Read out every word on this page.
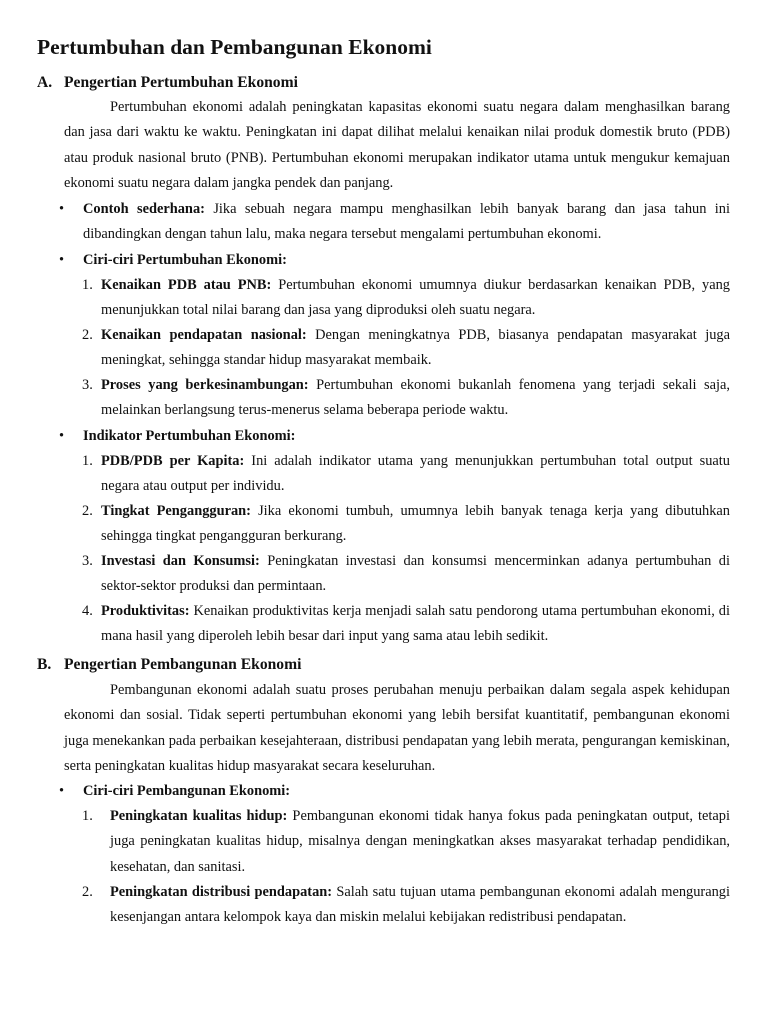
Pertumbuhan dan Pembangunan Ekonomi
A. Pengertian Pertumbuhan Ekonomi

Pertumbuhan ekonomi adalah peningkatan kapasitas ekonomi suatu negara dalam menghasilkan barang dan jasa dari waktu ke waktu. Peningkatan ini dapat dilihat melalui kenaikan nilai produk domestik bruto (PDB) atau produk nasional bruto (PNB). Pertumbuhan ekonomi merupakan indikator utama untuk mengukur kemajuan ekonomi suatu negara dalam jangka pendek dan panjang.

•	Contoh sederhana: Jika sebuah negara mampu menghasilkan lebih banyak barang dan jasa tahun ini dibandingkan dengan tahun lalu, maka negara tersebut mengalami pertumbuhan ekonomi.
•	Ciri-ciri Pertumbuhan Ekonomi:
1. Kenaikan PDB atau PNB: Pertumbuhan ekonomi umumnya diukur berdasarkan kenaikan PDB, yang menunjukkan total nilai barang dan jasa yang diproduksi oleh suatu negara.
2. Kenaikan pendapatan nasional: Dengan meningkatnya PDB, biasanya pendapatan masyarakat juga meningkat, sehingga standar hidup masyarakat membaik.
3. Proses yang berkesinambungan: Pertumbuhan ekonomi bukanlah fenomena yang terjadi sekali saja, melainkan berlangsung terus-menerus selama beberapa periode waktu.
•	Indikator Pertumbuhan Ekonomi:
1. PDB/PDB per Kapita: Ini adalah indikator utama yang menunjukkan pertumbuhan total output suatu negara atau output per individu.
2. Tingkat Pengangguran: Jika ekonomi tumbuh, umumnya lebih banyak tenaga kerja yang dibutuhkan sehingga tingkat pengangguran berkurang.
3. Investasi dan Konsumsi: Peningkatan investasi dan konsumsi mencerminkan adanya pertumbuhan di sektor-sektor produksi dan permintaan.
4. Produktivitas: Kenaikan produktivitas kerja menjadi salah satu pendorong utama pertumbuhan ekonomi, di mana hasil yang diperoleh lebih besar dari input yang sama atau lebih sedikit.
B. Pengertian Pembangunan Ekonomi

Pembangunan ekonomi adalah suatu proses perubahan menuju perbaikan dalam segala aspek kehidupan ekonomi dan sosial. Tidak seperti pertumbuhan ekonomi yang lebih bersifat kuantitatif, pembangunan ekonomi juga menekankan pada perbaikan kesejahteraan, distribusi pendapatan yang lebih merata, pengurangan kemiskinan, serta peningkatan kualitas hidup masyarakat secara keseluruhan.

•	Ciri-ciri Pembangunan Ekonomi:
1. Peningkatan kualitas hidup: Pembangunan ekonomi tidak hanya fokus pada peningkatan output, tetapi juga peningkatan kualitas hidup, misalnya dengan meningkatkan akses masyarakat terhadap pendidikan, kesehatan, dan sanitasi.
2. Peningkatan distribusi pendapatan: Salah satu tujuan utama pembangunan ekonomi adalah mengurangi kesenjangan antara kelompok kaya dan miskin melalui kebijakan redistribusi pendapatan.
